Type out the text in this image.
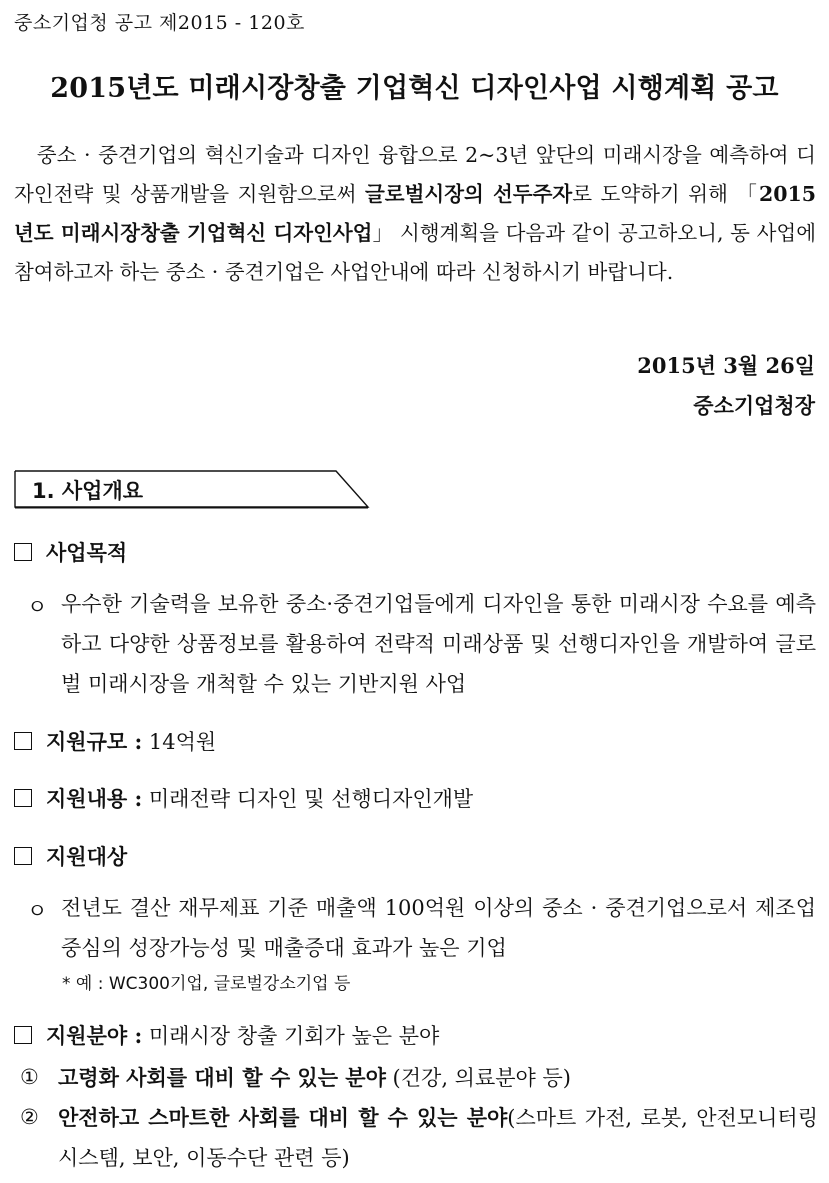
중소기업청 공고 제2015 - 120호
2015년도 미래시장창출 기업혁신 디자인사업 시행계획 공고
중소 · 중견기업의 혁신기술과 디자인 융합으로 2~3년 앞단의 미래시장을 예측하여 디자인전략 및 상품개발을 지원함으로써 글로벌시장의 선두주자로 도약하기 위해 「2015년도 미래시장창출 기업혁신 디자인사업」 시행계획을 다음과 같이 공고하오니, 동 사업에 참여하고자 하는 중소 · 중견기업은 사업안내에 따라 신청하시기 바랍니다.
2015년 3월 26일
중소기업청장
1. 사업개요
사업목적
ㅇ 우수한 기술력을 보유한 중소·중견기업들에게 디자인을 통한 미래시장 수요를 예측하고 다양한 상품정보를 활용하여 전략적 미래상품 및 선행디자인을 개발하여 글로벌 미래시장을 개척할 수 있는 기반지원 사업
지원규모 : 14억원
지원내용 : 미래전략 디자인 및 선행디자인개발
지원대상
ㅇ 전년도 결산 재무제표 기준 매출액 100억원 이상의 중소 · 중견기업으로서 제조업 중심의 성장가능성 및 매출증대 효과가 높은 기업
* 예 : WC300기업, 글로벌강소기업 등
지원분야 : 미래시장 창출 기회가 높은 분야
① 고령화 사회를 대비 할 수 있는 분야 (건강, 의료분야 등)
② 안전하고 스마트한 사회를 대비 할 수 있는 분야(스마트 가전, 로봇, 안전모니터링 시스템, 보안, 이동수단 관련 등)
